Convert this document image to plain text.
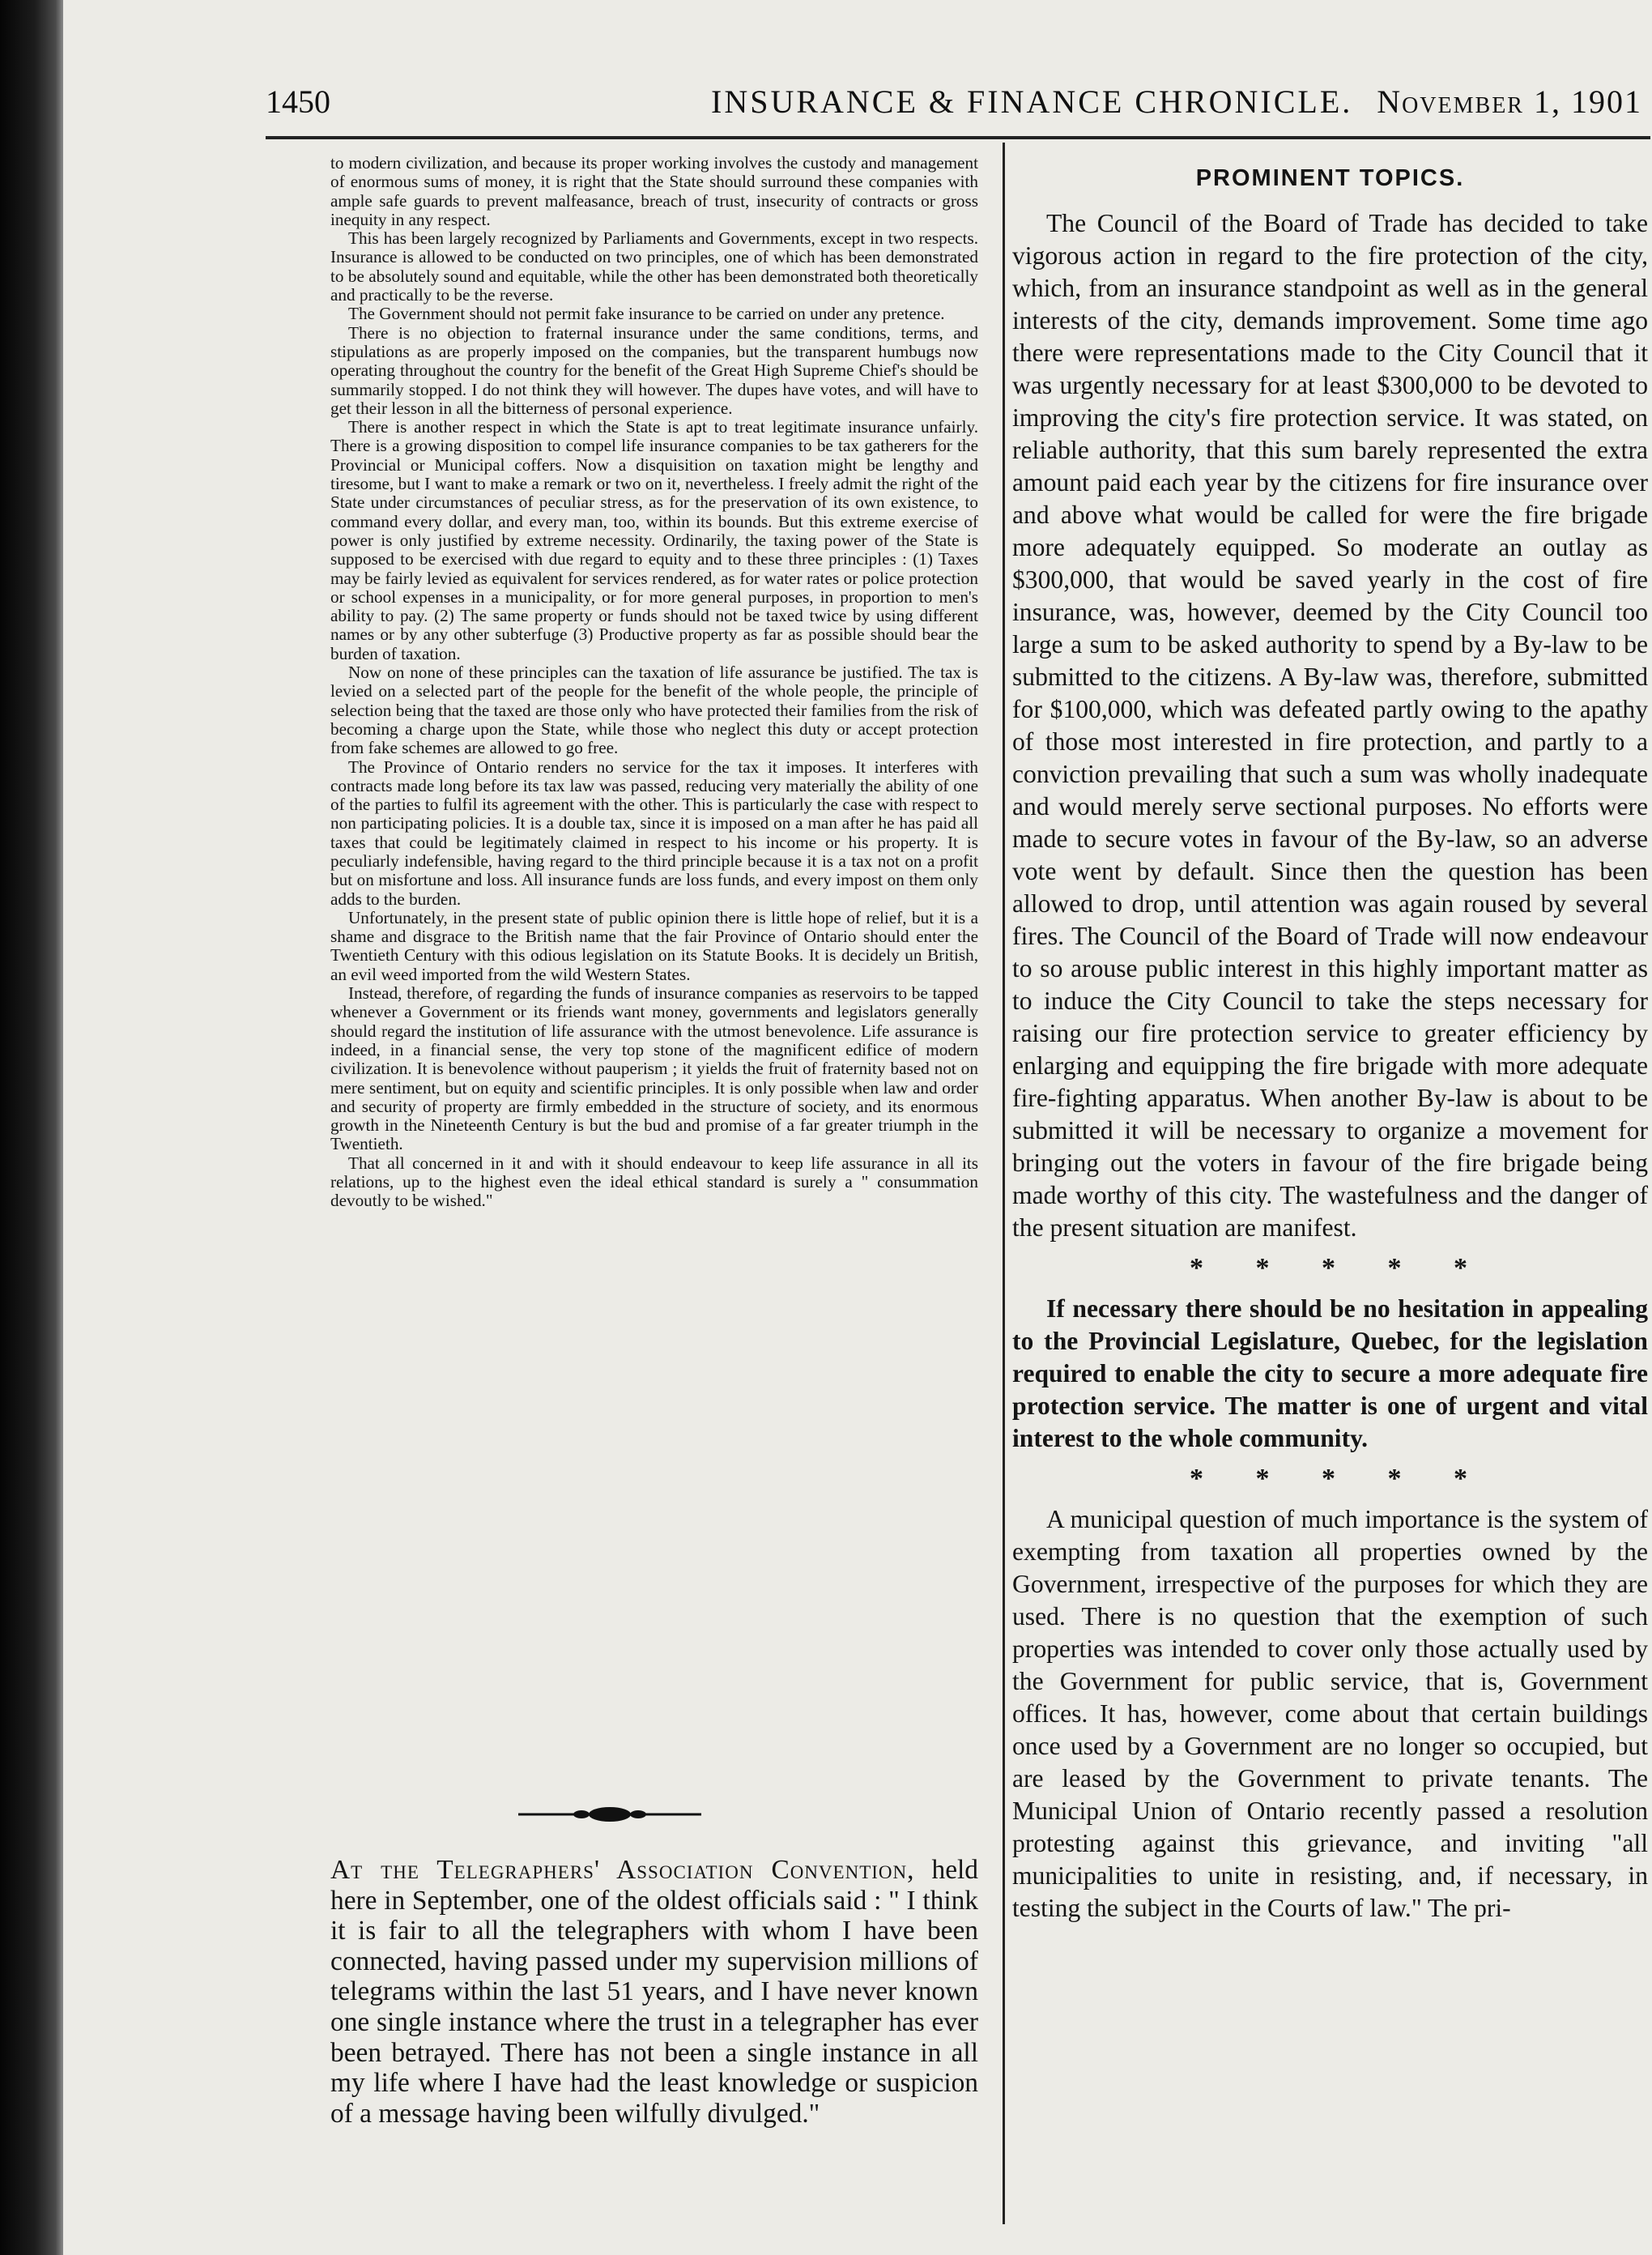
1450	INSURANCE & FINANCE CHRONICLE. November 1, 1901

to modern civilization, and because its proper working involves the custody and management of enormous sums of money, it is right that the State should surround these companies with ample safe guards to prevent malfeasance, breach of trust, insecurity of contracts or gross inequity in any respect.

This has been largely recognized by Parliaments and Governments, except in two respects. Insurance is allowed to be conducted on two principles, one of which has been demonstrated to be absolutely sound and equitable, while the other has been demonstrated both theoretically and practically to be the reverse.

The Government should not permit fake insurance to be carried on under any pretence.

There is no objection to fraternal insurance under the same conditions, terms, and stipulations as are properly imposed on the companies, but the transparent humbugs now operating throughout the country for the benefit of the Great High Supreme Chief's should be summarily stopped. I do not think they will however. The dupes have votes, and will have to get their lesson in all the bitterness of personal experience.

There is another respect in which the State is apt to treat legitimate insurance unfairly. There is a growing disposition to compel life insurance companies to be tax gatherers for the Provincial or Municipal coffers. Now a disquisition on taxation might be lengthy and tiresome, but I want to make a remark or two on it, nevertheless. I freely admit the right of the State under circumstances of peculiar stress, as for the preservation of its own existence, to command every dollar, and every man, too, within its bounds. But this extreme exercise of power is only justified by extreme necessity. Ordinarily, the taxing power of the State is supposed to be exercised with due regard to equity and to these three principles : (1) Taxes may be fairly levied as equivalent for services rendered, as for water rates or police protection or school expenses in a municipality, or for more general purposes, in proportion to men's ability to pay. (2) The same property or funds should not be taxed twice by using different names or by any other subterfuge (3) Productive property as far as possible should bear the burden of taxation.

Now on none of these principles can the taxation of life assurance be justified. The tax is levied on a selected part of the people for the benefit of the whole people, the principle of selection being that the taxed are those only who have protected their families from the risk of becoming a charge upon the State, while those who neglect this duty or accept protection from fake schemes are allowed to go free.

The Province of Ontario renders no service for the tax it imposes. It interferes with contracts made long before its tax law was passed, reducing very materially the ability of one of the parties to fulfil its agreement with the other. This is particularly the case with respect to non participating policies. It is a double tax, since it is imposed on a man after he has paid all taxes that could be legitimately claimed in respect to his income or his property. It is peculiarly indefensible, having regard to the third principle because it is a tax not on a profit but on misfortune and loss. All insurance funds are loss funds, and every impost on them only adds to the burden.

Unfortunately, in the present state of public opinion there is little hope of relief, but it is a shame and disgrace to the British name that the fair Province of Ontario should enter the Twentieth Century with this odious legislation on its Statute Books. It is decidely un British, an evil weed imported from the wild Western States.

Instead, therefore, of regarding the funds of insurance companies as reservoirs to be tapped whenever a Government or its friends want money, governments and legislators generally should regard the institution of life assurance with the utmost benevolence. Life assurance is indeed, in a financial sense, the very top stone of the magnificent edifice of modern civilization. It is benevolence without pauperism ; it yields the fruit of fraternity based not on mere sentiment, but on equity and scientific principles. It is only possible when law and order and security of property are firmly embedded in the structure of society, and its enormous growth in the Nineteenth Century is but the bud and promise of a far greater triumph in the Twentieth.

That all concerned in it and with it should endeavour to keep life assurance in all its relations, up to the highest even the ideal ethical standard is surely a " consummation devoutly to be wished."

At the Telegraphers' Association Convention, held here in September, one of the oldest officials said : " I think it is fair to all the telegraphers with whom I have been connected, having passed under my supervision millions of telegrams within the last 51 years, and I have never known one single instance where the trust in a telegrapher has ever been betrayed. There has not been a single instance in all my life where I have had the least knowledge or suspicion of a message having been wilfully divulged."

PROMINENT TOPICS.

The Council of the Board of Trade has decided to take vigorous action in regard to the fire protection of the city, which, from an insurance standpoint as well as in the general interests of the city, demands improvement. Some time ago there were representations made to the City Council that it was urgently necessary for at least $300,000 to be devoted to improving the city's fire protection service. It was stated, on reliable authority, that this sum barely represented the extra amount paid each year by the citizens for fire insurance over and above what would be called for were the fire brigade more adequately equipped. So moderate an outlay as $300,000, that would be saved yearly in the cost of fire insurance, was, however, deemed by the City Council too large a sum to be asked authority to spend by a By-law to be submitted to the citizens. A By-law was, therefore, submitted for $100,000, which was defeated partly owing to the apathy of those most interested in fire protection, and partly to a conviction prevailing that such a sum was wholly inadequate and would merely serve sectional purposes. No efforts were made to secure votes in favour of the By-law, so an adverse vote went by default. Since then the question has been allowed to drop, until attention was again roused by several fires. The Council of the Board of Trade will now endeavour to so arouse public interest in this highly important matter as to induce the City Council to take the steps necessary for raising our fire protection service to greater efficiency by enlarging and equipping the fire brigade with more adequate fire-fighting apparatus. When another By-law is about to be submitted it will be necessary to organize a movement for bringing out the voters in favour of the fire brigade being made worthy of this city. The wastefulness and the danger of the present situation are manifest.

* * * * *

If necessary there should be no hesitation in appealing to the Provincial Legislature, Quebec, for the legislation required to enable the city to secure a more adequate fire protection service. The matter is one of urgent and vital interest to the whole community.

* * * * *

A municipal question of much importance is the system of exempting from taxation all properties owned by the Government, irrespective of the purposes for which they are used. There is no question that the exemption of such properties was intended to cover only those actually used by the Government for public service, that is, Government offices. It has, however, come about that certain buildings once used by a Government are no longer so occupied, but are leased by the Government to private tenants. The Municipal Union of Ontario recently passed a resolution protesting against this grievance, and inviting "all municipalities to unite in resisting, and, if necessary, in testing the subject in the Courts of law." The pri-
